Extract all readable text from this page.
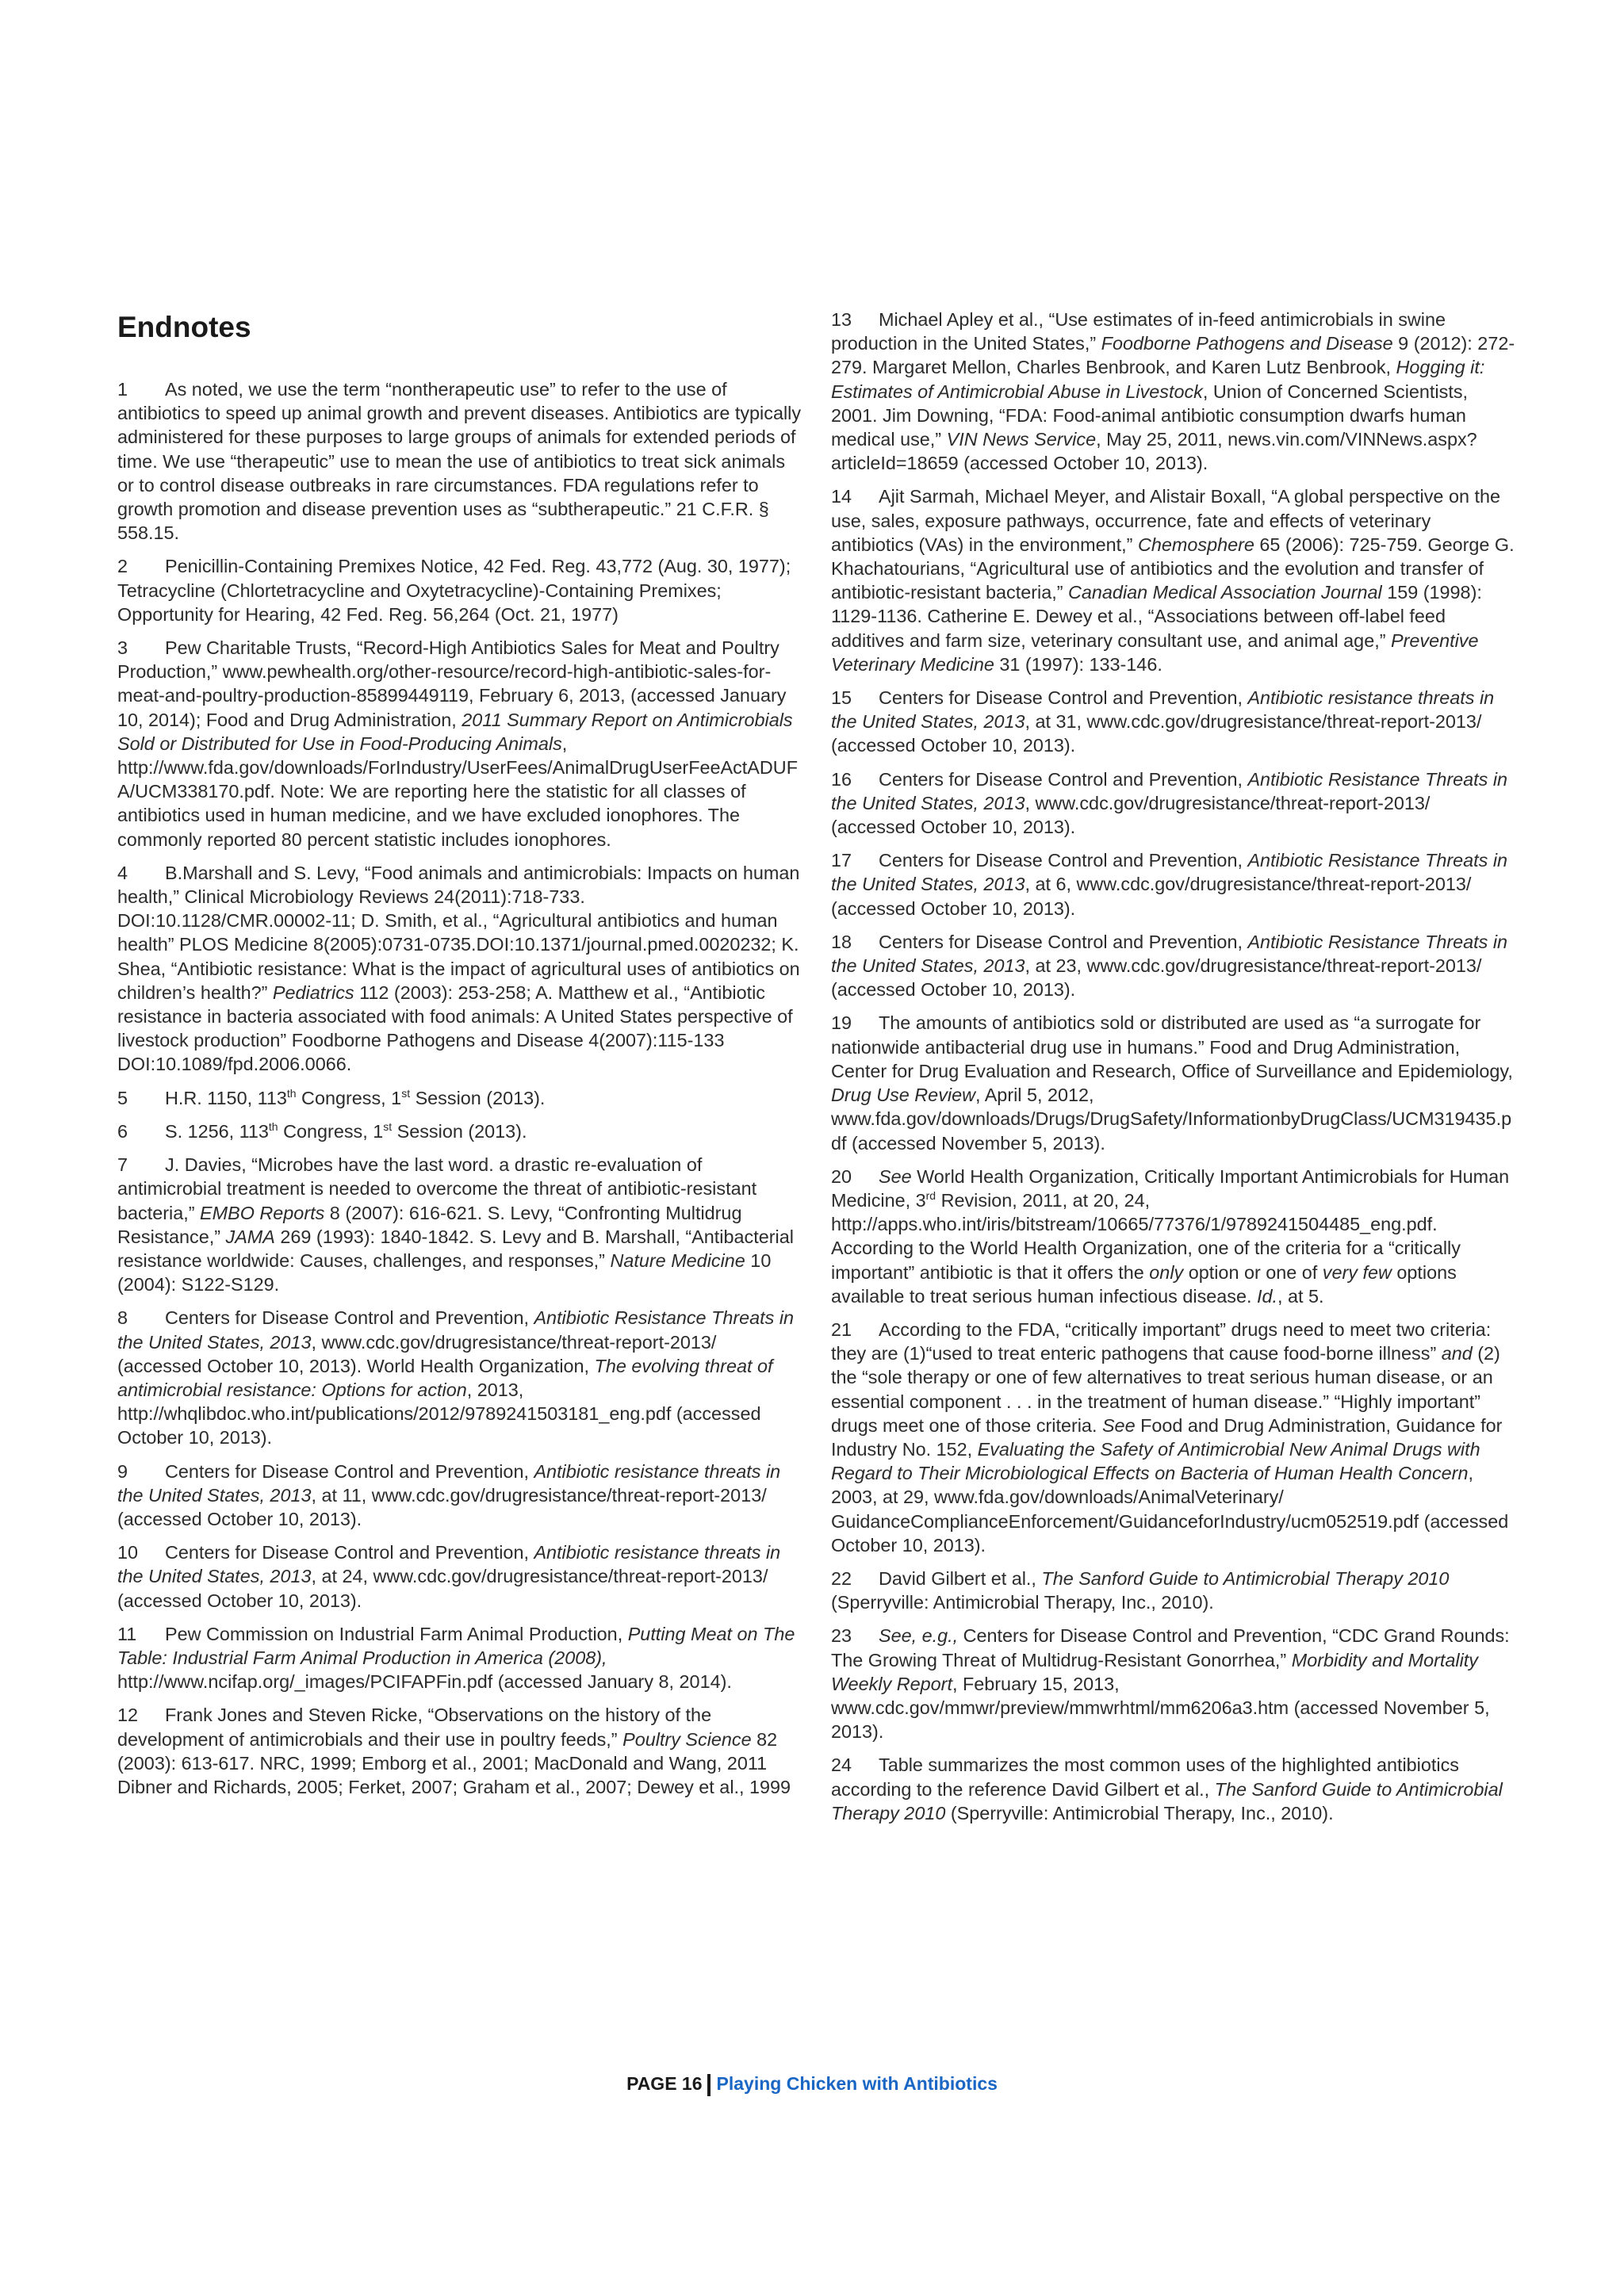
Endnotes

1 As noted, we use the term “nontherapeutic use” to refer to the use of antibiotics to speed up animal growth and prevent diseases. Antibiotics are typically administered for these purposes to large groups of animals for extended periods of time. We use “therapeutic” use to mean the use of antibiotics to treat sick animals or to control disease outbreaks in rare circumstances. FDA regulations refer to growth promotion and disease prevention uses as “subtherapeutic.” 21 C.F.R. § 558.15.

2 Penicillin-Containing Premixes Notice, 42 Fed. Reg. 43,772 (Aug. 30, 1977); Tetracycline (Chlortetracycline and Oxytetracycline)-Containing Premixes; Opportunity for Hearing, 42 Fed. Reg. 56,264 (Oct. 21, 1977)

3 Pew Charitable Trusts, “Record-High Antibiotics Sales for Meat and Poultry Production,” www.pewhealth.org/other-resource/record-high-antibiotic-sales-for-meat-and-poultry-production-85899449119, February 6, 2013, (accessed January 10, 2014); Food and Drug Administration, 2011 Summary Report on Antimicrobials Sold or Distributed for Use in Food-Producing Animals, http://www.fda.gov/downloads/ForIndustry/UserFees/AnimalDrugUserFeeActADUFA/UCM338170.pdf. Note: We are reporting here the statistic for all classes of antibiotics used in human medicine, and we have excluded ionophores. The commonly reported 80 percent statistic includes ionophores.

4 B.Marshall and S. Levy, “Food animals and antimicrobials: Impacts on human health,” Clinical Microbiology Reviews 24(2011):718-733. DOI:10.1128/CMR.00002-11; D. Smith, et al., “Agricultural antibiotics and human health” PLOS Medicine 8(2005):0731-0735.DOI:10.1371/journal.pmed.0020232; K. Shea, “Antibiotic resistance: What is the impact of agricultural uses of antibiotics on children’s health?” Pediatrics 112 (2003): 253-258; A. Matthew et al., “Antibiotic resistance in bacteria associated with food animals: A United States perspective of livestock production” Foodborne Pathogens and Disease 4(2007):115-133 DOI:10.1089/fpd.2006.0066.

5 H.R. 1150, 113th Congress, 1st Session (2013).

6 S. 1256, 113th Congress, 1st Session (2013).

7 J. Davies, “Microbes have the last word. a drastic re-evaluation of antimicrobial treatment is needed to overcome the threat of antibiotic-resistant bacteria,” EMBO Reports 8 (2007): 616-621. S. Levy, “Confronting Multidrug Resistance,” JAMA 269 (1993): 1840-1842. S. Levy and B. Marshall, “Antibacterial resistance worldwide: Causes, challenges, and responses,” Nature Medicine 10 (2004): S122-S129.

8 Centers for Disease Control and Prevention, Antibiotic Resistance Threats in the United States, 2013, www.cdc.gov/drugresistance/threat-report-2013/ (accessed October 10, 2013). World Health Organization, The evolving threat of antimicrobial resistance: Options for action, 2013, http://whqlibdoc.who.int/publications/2012/9789241503181_eng.pdf (accessed October 10, 2013).

9 Centers for Disease Control and Prevention, Antibiotic resistance threats in the United States, 2013, at 11, www.cdc.gov/drugresistance/threat-report-2013/ (accessed October 10, 2013).

10 Centers for Disease Control and Prevention, Antibiotic resistance threats in the United States, 2013, at 24, www.cdc.gov/drugresistance/threat-report-2013/ (accessed October 10, 2013).

11 Pew Commission on Industrial Farm Animal Production, Putting Meat on The Table: Industrial Farm Animal Production in America (2008), http://www.ncifap.org/_images/PCIFAPFin.pdf (accessed January 8, 2014).

12 Frank Jones and Steven Ricke, “Observations on the history of the development of antimicrobials and their use in poultry feeds,” Poultry Science 82 (2003): 613-617. NRC, 1999; Emborg et al., 2001; MacDonald and Wang, 2011 Dibner and Richards, 2005; Ferket, 2007; Graham et al., 2007; Dewey et al., 1999

13 Michael Apley et al., “Use estimates of in-feed antimicrobials in swine production in the United States,” Foodborne Pathogens and Disease 9 (2012): 272-279. Margaret Mellon, Charles Benbrook, and Karen Lutz Benbrook, Hogging it: Estimates of Antimicrobial Abuse in Livestock, Union of Concerned Scientists, 2001. Jim Downing, “FDA: Food-animal antibiotic consumption dwarfs human medical use,” VIN News Service, May 25, 2011, news.vin.com/VINNews.aspx?articleId=18659 (accessed October 10, 2013).

14 Ajit Sarmah, Michael Meyer, and Alistair Boxall, “A global perspective on the use, sales, exposure pathways, occurrence, fate and effects of veterinary antibiotics (VAs) in the environment,” Chemosphere 65 (2006): 725-759. George G. Khachatourians, “Agricultural use of antibiotics and the evolution and transfer of antibiotic-resistant bacteria,” Canadian Medical Association Journal 159 (1998): 1129-1136. Catherine E. Dewey et al., “Associations between off-label feed additives and farm size, veterinary consultant use, and animal age,” Preventive Veterinary Medicine 31 (1997): 133-146.

15 Centers for Disease Control and Prevention, Antibiotic resistance threats in the United States, 2013, at 31, www.cdc.gov/drugresistance/threat-report-2013/ (accessed October 10, 2013).

16 Centers for Disease Control and Prevention, Antibiotic Resistance Threats in the United States, 2013, www.cdc.gov/drugresistance/threat-report-2013/ (accessed October 10, 2013).

17 Centers for Disease Control and Prevention, Antibiotic Resistance Threats in the United States, 2013, at 6, www.cdc.gov/drugresistance/threat-report-2013/ (accessed October 10, 2013).

18 Centers for Disease Control and Prevention, Antibiotic Resistance Threats in the United States, 2013, at 23, www.cdc.gov/drugresistance/threat-report-2013/ (accessed October 10, 2013).

19 The amounts of antibiotics sold or distributed are used as “a surrogate for nationwide antibacterial drug use in humans.” Food and Drug Administration, Center for Drug Evaluation and Research, Office of Surveillance and Epidemiology, Drug Use Review, April 5, 2012, www.fda.gov/downloads/Drugs/DrugSafety/InformationbyDrugClass/UCM319435.pdf (accessed November 5, 2013).

20 See World Health Organization, Critically Important Antimicrobials for Human Medicine, 3rd Revision, 2011, at 20, 24, http://apps.who.int/iris/bitstream/10665/77376/1/9789241504485_eng.pdf. According to the World Health Organization, one of the criteria for a “critically important” antibiotic is that it offers the only option or one of very few options available to treat serious human infectious disease. Id., at 5.

21 According to the FDA, “critically important” drugs need to meet two criteria: they are (1)“used to treat enteric pathogens that cause food-borne illness” and (2) the “sole therapy or one of few alternatives to treat serious human disease, or an essential component . . . in the treatment of human disease.” “Highly important” drugs meet one of those criteria. See Food and Drug Administration, Guidance for Industry No. 152, Evaluating the Safety of Antimicrobial New Animal Drugs with Regard to Their Microbiological Effects on Bacteria of Human Health Concern, 2003, at 29, www.fda.gov/downloads/AnimalVeterinary/ GuidanceComplianceEnforcement/GuidanceforIndustry/ucm052519.pdf (accessed October 10, 2013).

22 David Gilbert et al., The Sanford Guide to Antimicrobial Therapy 2010 (Sperryville: Antimicrobial Therapy, Inc., 2010).

23 See, e.g., Centers for Disease Control and Prevention, “CDC Grand Rounds: The Growing Threat of Multidrug-Resistant Gonorrhea,” Morbidity and Mortality Weekly Report, February 15, 2013, www.cdc.gov/mmwr/preview/mmwrhtml/mm6206a3.htm (accessed November 5, 2013).

24 Table summarizes the most common uses of the highlighted antibiotics according to the reference David Gilbert et al., The Sanford Guide to Antimicrobial Therapy 2010 (Sperryville: Antimicrobial Therapy, Inc., 2010).

PAGE 16 Playing Chicken with Antibiotics
